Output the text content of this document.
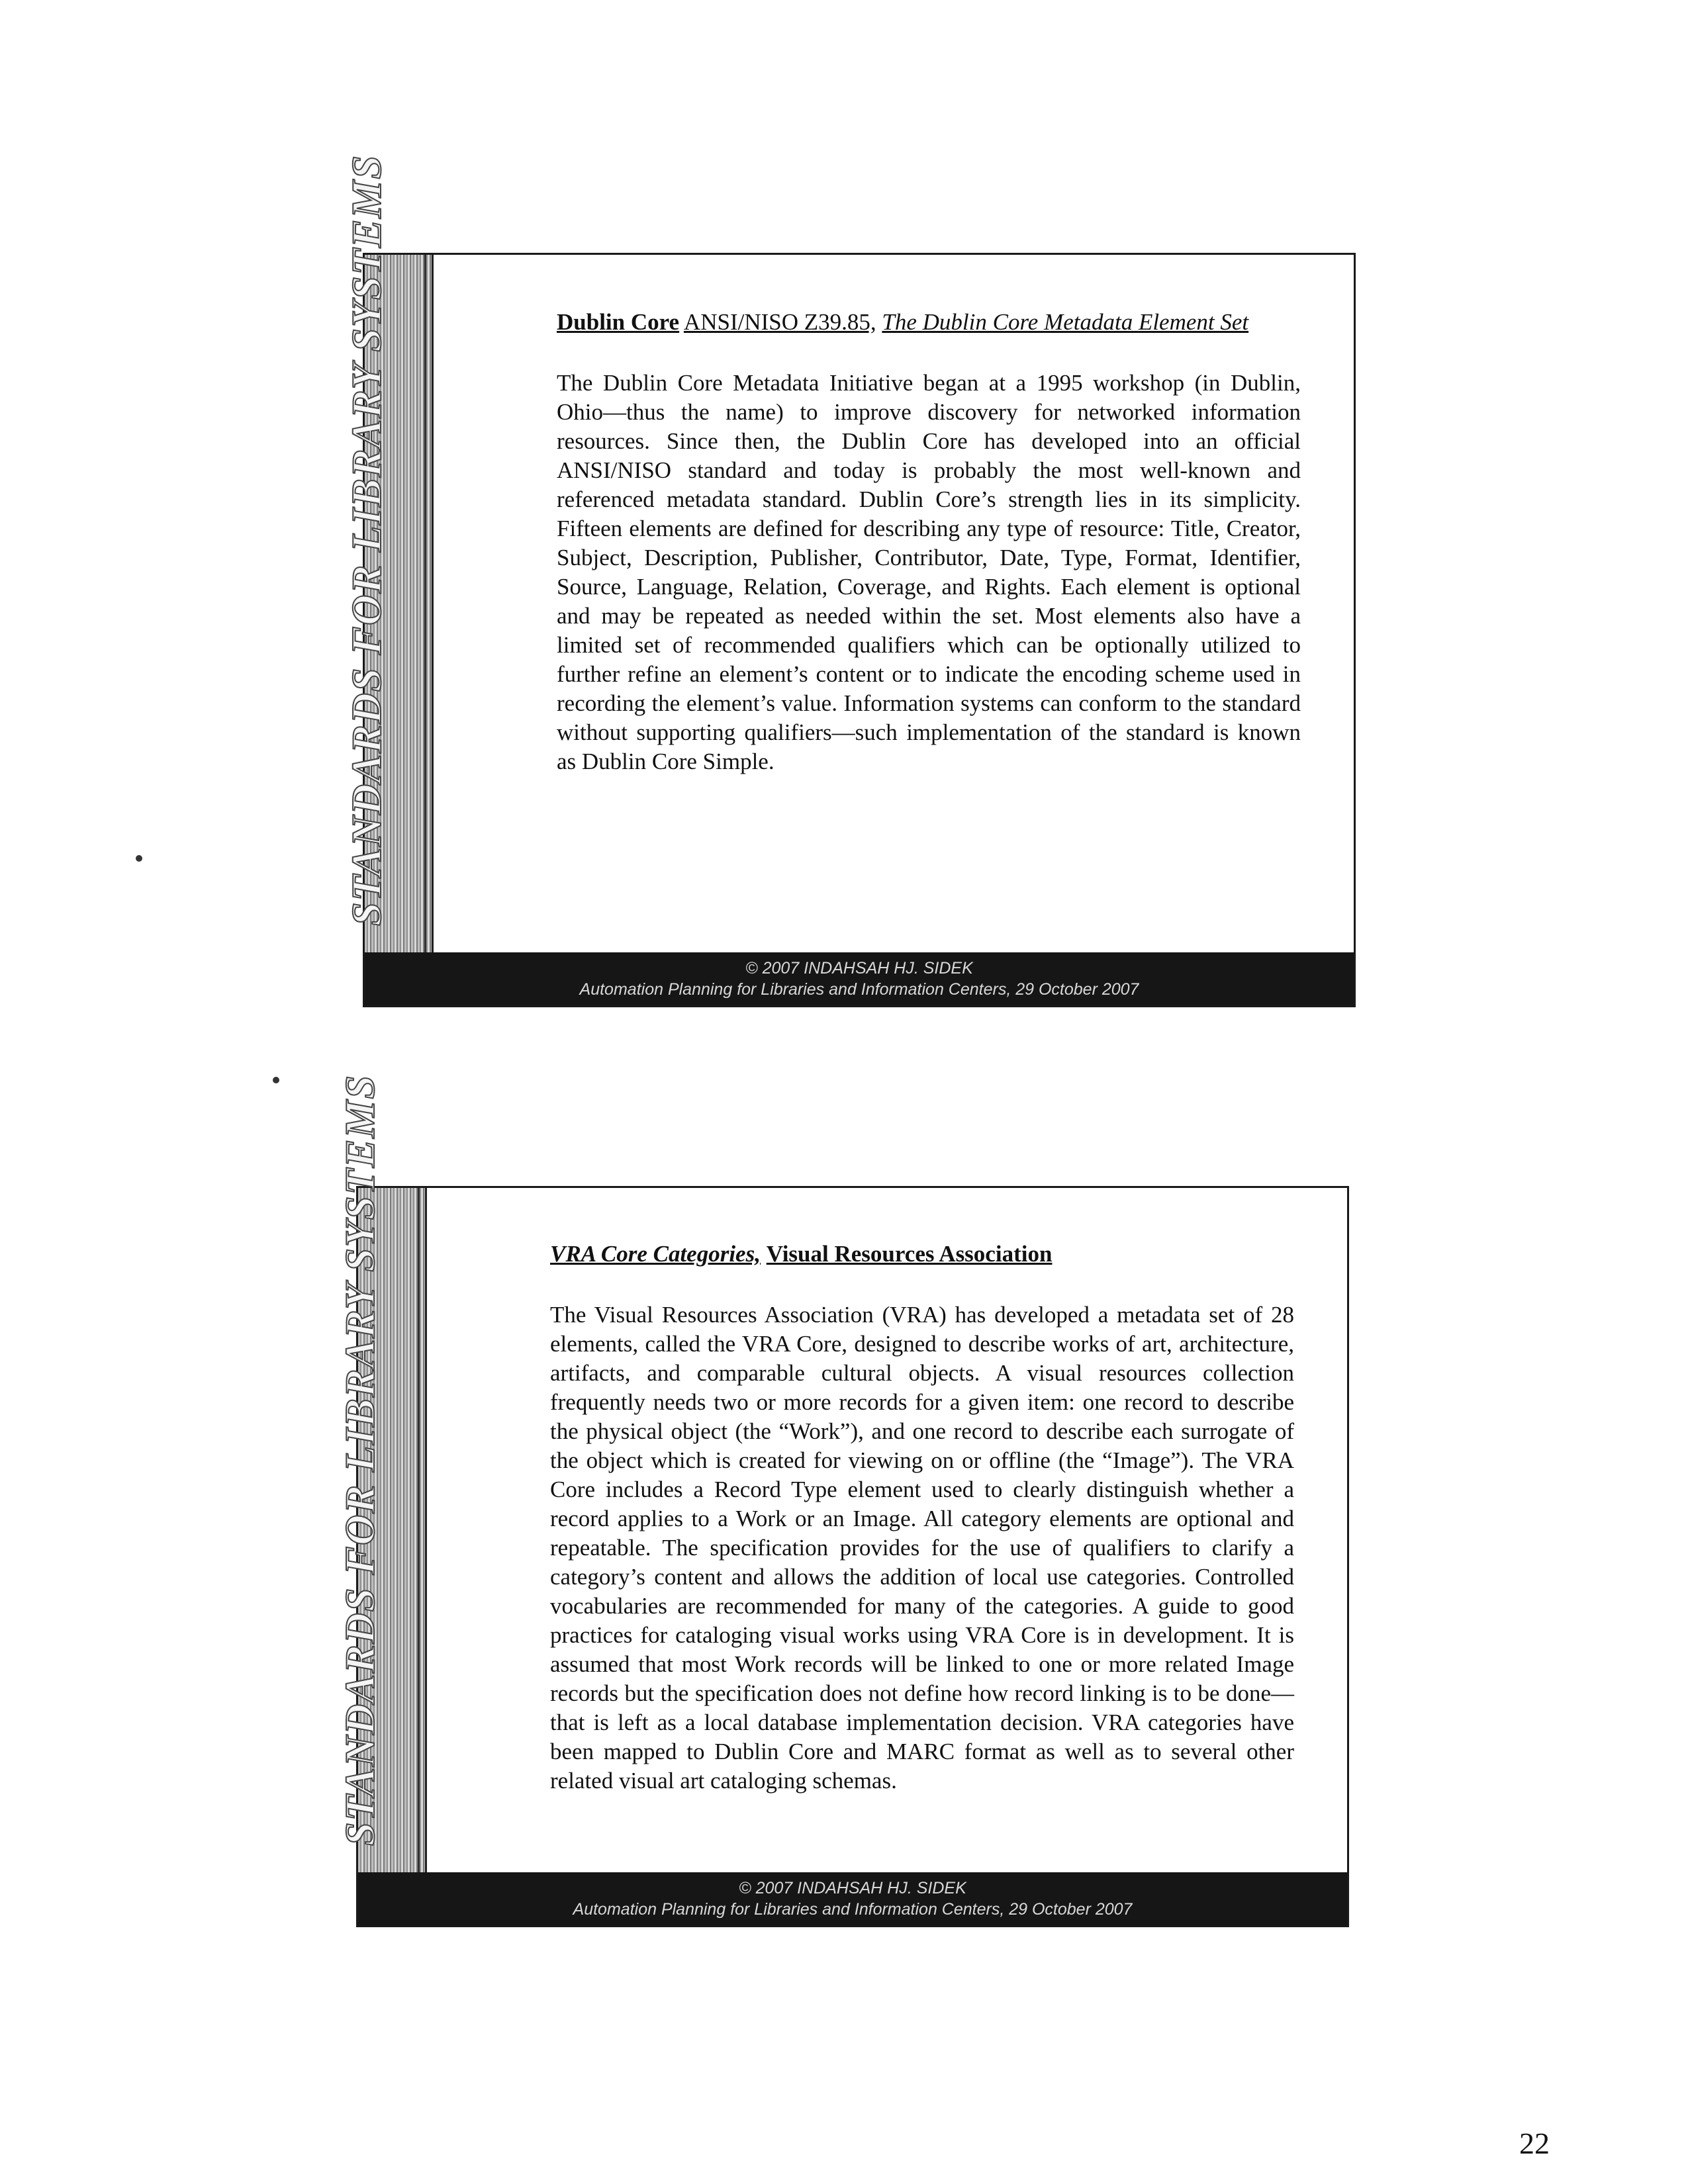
STANDARDS FOR LIBRARY SYSTEMS	Dublin Core ANSI/NISO Z39.85, The Dublin Core Metadata Element Set

The Dublin Core Metadata Initiative began at a 1995 workshop (in Dublin, Ohio—thus the name) to improve discovery for networked information resources. Since then, the Dublin Core has developed into an official ANSI/NISO standard and today is probably the most well-known and referenced metadata standard. Dublin Core’s strength lies in its simplicity. Fifteen elements are defined for describing any type of resource: Title, Creator, Subject, Description, Publisher, Contributor, Date, Type, Format, Identifier, Source, Language, Relation, Coverage, and Rights. Each element is optional and may be repeated as needed within the set. Most elements also have a limited set of recommended qualifiers which can be optionally utilized to further refine an element’s content or to indicate the encoding scheme used in recording the element’s value. Information systems can conform to the standard without supporting qualifiers—such implementation of the standard is known as Dublin Core Simple.

© 2007 INDAHSAH HJ. SIDEK
Automation Planning for Libraries and Information Centers, 29 October 2007
STANDARDS FOR LIBRARY SYSTEMS	VRA Core Categories, Visual Resources Association

The Visual Resources Association (VRA) has developed a metadata set of 28 elements, called the VRA Core, designed to describe works of art, architecture, artifacts, and comparable cultural objects. A visual resources collection frequently needs two or more records for a given item: one record to describe the physical object (the “Work”), and one record to describe each surrogate of the object which is created for viewing on or offline (the “Image”). The VRA Core includes a Record Type element used to clearly distinguish whether a record applies to a Work or an Image. All category elements are optional and repeatable. The specification provides for the use of qualifiers to clarify a category’s content and allows the addition of local use categories. Controlled vocabularies are recommended for many of the categories. A guide to good practices for cataloging visual works using VRA Core is in development. It is assumed that most Work records will be linked to one or more related Image records but the specification does not define how record linking is to be done—that is left as a local database implementation decision. VRA categories have been mapped to Dublin Core and MARC format as well as to several other related visual art cataloging schemas.

© 2007 INDAHSAH HJ. SIDEK
Automation Planning for Libraries and Information Centers, 29 October 2007
22
